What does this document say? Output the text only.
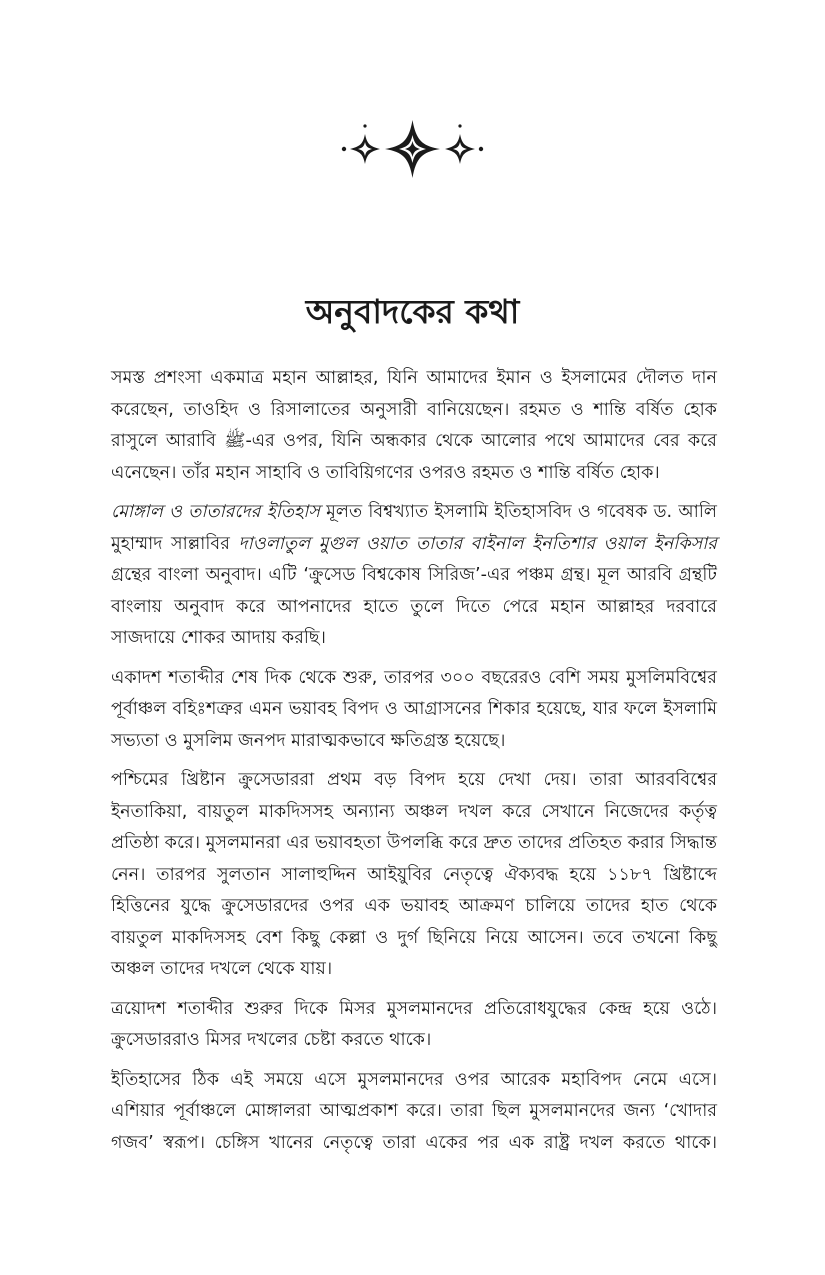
অনুবাদকের কথা

সমস্ত প্রশংসা একমাত্র মহান আল্লাহর, যিনি আমাদের ইমান ও ইসলামের দৌলত দান করেছেন, তাওহিদ ও রিসালাতের অনুসারী বানিয়েছেন। রহমত ও শান্তি বর্ষিত হোক রাসুলে আরাবি ﷺ-এর ওপর, যিনি অন্ধকার থেকে আলোর পথে আমাদের বের করে এনেছেন। তাঁর মহান সাহাবি ও তাবিয়িগণের ওপরও রহমত ও শান্তি বর্ষিত হোক।

মোঙ্গাল ও তাতারদের ইতিহাস মূলত বিশ্বখ্যাত ইসলামি ইতিহাসবিদ ও গবেষক ড. আলি মুহাম্মাদ সাল্লাবির দাওলাতুল মুগুল ওয়াত তাতার বাইনাল ইনতিশার ওয়াল ইনকিসার গ্রন্থের বাংলা অনুবাদ। এটি ‘ক্রুসেড বিশ্বকোষ সিরিজ’-এর পঞ্চম গ্রন্থ। মূল আরবি গ্রন্থটি বাংলায় অনুবাদ করে আপনাদের হাতে তুলে দিতে পেরে মহান আল্লাহর দরবারে সাজদায়ে শোকর আদায় করছি।

একাদশ শতাব্দীর শেষ দিক থেকে শুরু, তারপর ৩০০ বছরেরও বেশি সময় মুসলিমবিশ্বের পূর্বাঞ্চল বহিঃশত্রুর এমন ভয়াবহ বিপদ ও আগ্রাসনের শিকার হয়েছে, যার ফলে ইসলামি সভ্যতা ও মুসলিম জনপদ মারাত্মকভাবে ক্ষতিগ্রস্ত হয়েছে।

পশ্চিমের খ্রিষ্টান ক্রুসেডাররা প্রথম বড় বিপদ হয়ে দেখা দেয়। তারা আরববিশ্বের ইনতাকিয়া, বায়তুল মাকদিসসহ অন্যান্য অঞ্চল দখল করে সেখানে নিজেদের কর্তৃত্ব প্রতিষ্ঠা করে। মুসলমানরা এর ভয়াবহতা উপলব্ধি করে দ্রুত তাদের প্রতিহত করার সিদ্ধান্ত নেন। তারপর সুলতান সালাহুদ্দিন আইয়ুবির নেতৃত্বে ঐক্যবদ্ধ হয়ে ১১৮৭ খ্রিষ্টাব্দে হিত্তিনের যুদ্ধে ক্রুসেডারদের ওপর এক ভয়াবহ আক্রমণ চালিয়ে তাদের হাত থেকে বায়তুল মাকদিসসহ বেশ কিছু কেল্লা ও দুর্গ ছিনিয়ে নিয়ে আসেন। তবে তখনো কিছু অঞ্চল তাদের দখলে থেকে যায়।

ত্রয়োদশ শতাব্দীর শুরুর দিকে মিসর মুসলমানদের প্রতিরোধযুদ্ধের কেন্দ্র হয়ে ওঠে। ক্রুসেডাররাও মিসর দখলের চেষ্টা করতে থাকে।

ইতিহাসের ঠিক এই সময়ে এসে মুসলমানদের ওপর আরেক মহাবিপদ নেমে এসে। এশিয়ার পূর্বাঞ্চলে মোঙ্গালরা আত্মপ্রকাশ করে। তারা ছিল মুসলমানদের জন্য ‘খোদার গজব’ স্বরূপ। চেঙ্গিস খানের নেতৃত্বে তারা একের পর এক রাষ্ট্র দখল করতে থাকে।
